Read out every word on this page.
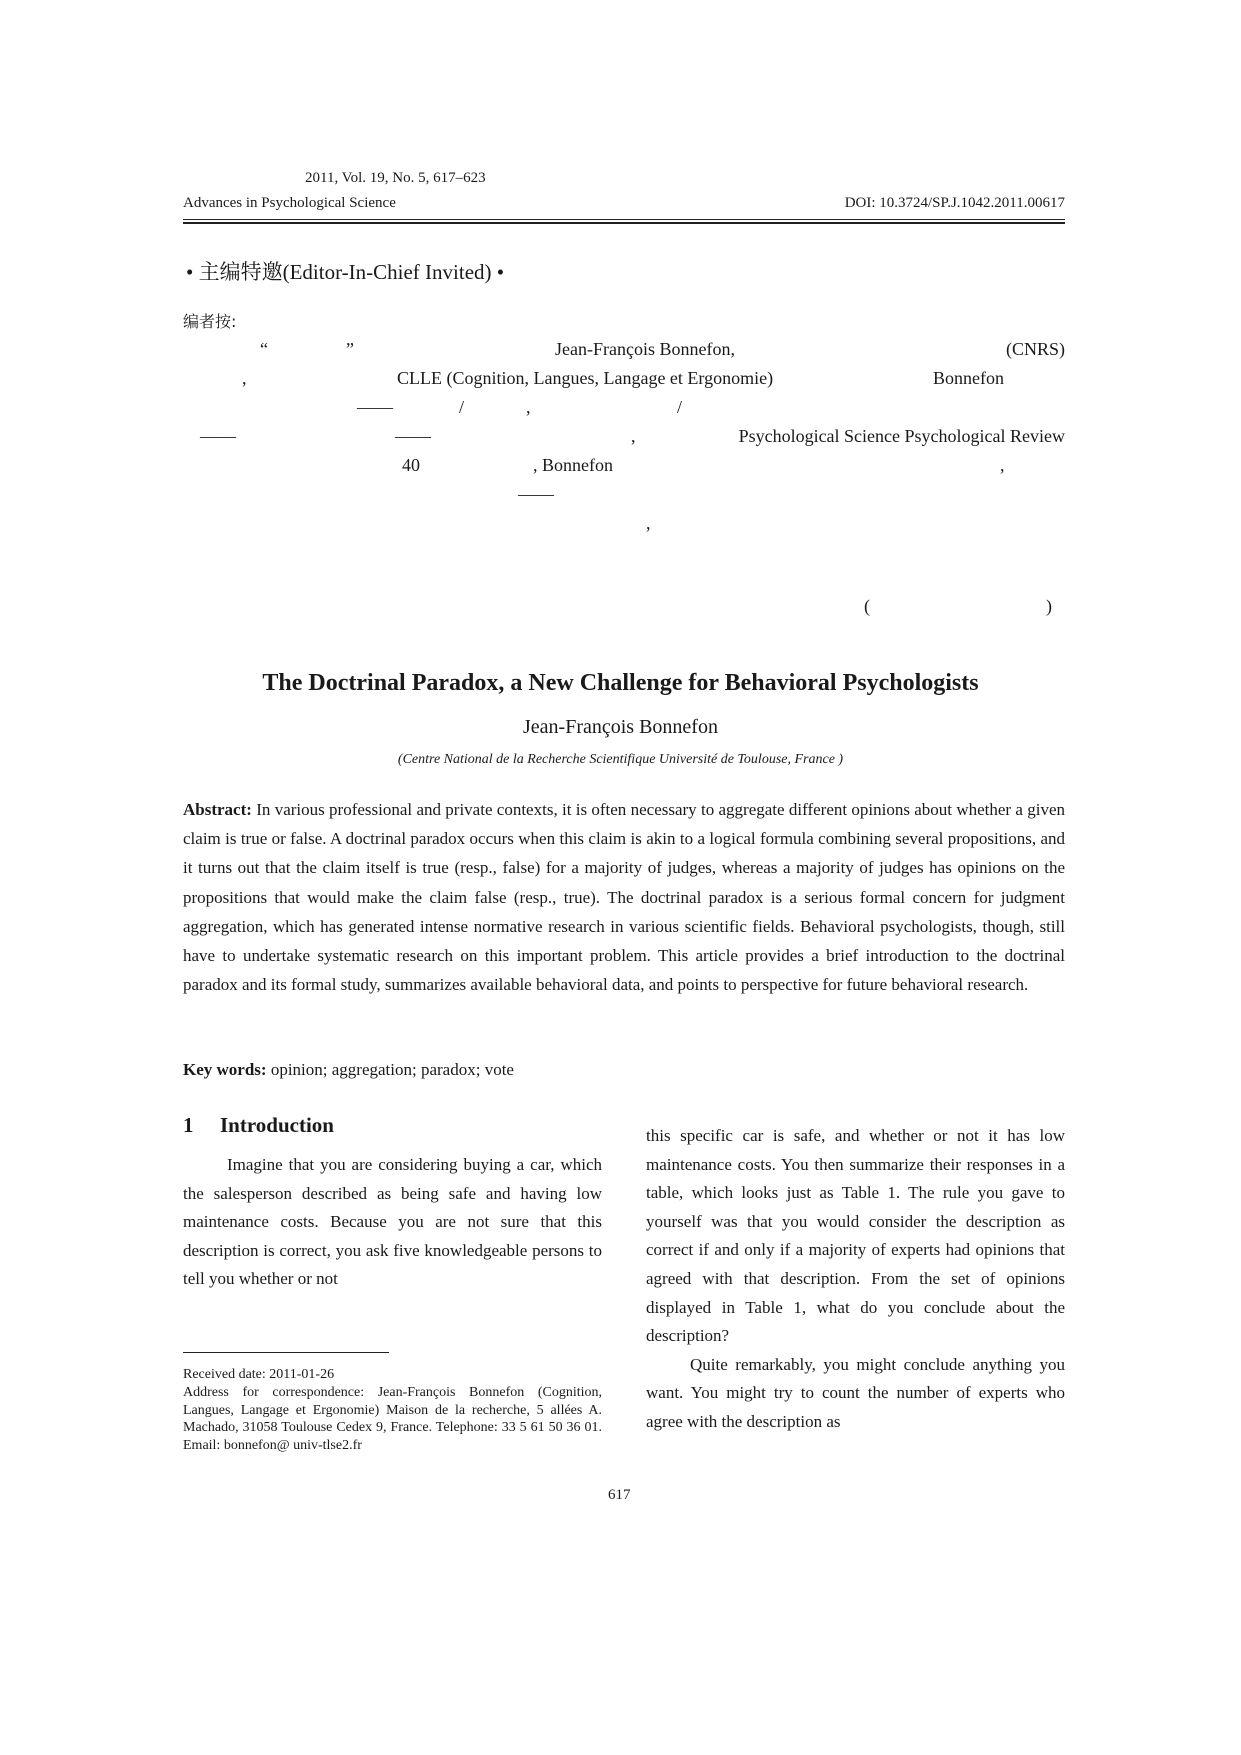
2011, Vol. 19, No. 5, 617–623
Advances in Psychological Science	DOI: 10.3724/SP.J.1042.2011.00617
• 主编特邀(Editor-In-Chief Invited) •
编者按:
“	”	Jean-François Bonnefon,	(CNRS)
,	CLLE (Cognition, Langues, Langage et Ergonomie)	Bonnefon
——	/	,	/
——	——	,	Psychological Science Psychological Review
40	, Bonnefon	,
——
,
(	)
The Doctrinal Paradox, a New Challenge for Behavioral Psychologists
Jean-François Bonnefon
(Centre National de la Recherche Scientifique Université de Toulouse, France )
Abstract: In various professional and private contexts, it is often necessary to aggregate different opinions about whether a given claim is true or false. A doctrinal paradox occurs when this claim is akin to a logical formula combining several propositions, and it turns out that the claim itself is true (resp., false) for a majority of judges, whereas a majority of judges has opinions on the propositions that would make the claim false (resp., true). The doctrinal paradox is a serious formal concern for judgment aggregation, which has generated intense normative research in various scientific fields. Behavioral psychologists, though, still have to undertake systematic research on this important problem. This article provides a brief introduction to the doctrinal paradox and its formal study, summarizes available behavioral data, and points to perspective for future behavioral research.
Key words: opinion; aggregation; paradox; vote
1 Introduction

Imagine that you are considering buying a car, which the salesperson described as being safe and having low maintenance costs. Because you are not sure that this description is correct, you ask five knowledgeable persons to tell you whether or not

Received date: 2011-01-26

Address for correspondence: Jean-François Bonnefon (Cognition, Langues, Langage et Ergonomie) Maison de la recherche, 5 allées A. Machado, 31058 Toulouse Cedex 9, France. Telephone: 33 5 61 50 36 01. Email: bonnefon@ univ-tlse2.fr

this specific car is safe, and whether or not it has low maintenance costs. You then summarize their responses in a table, which looks just as Table 1. The rule you gave to yourself was that you would consider the description as correct if and only if a majority of experts had opinions that agreed with that description. From the set of opinions displayed in Table 1, what do you conclude about the description?

Quite remarkably, you might conclude anything you want. You might try to count the number of experts who agree with the description as

617
